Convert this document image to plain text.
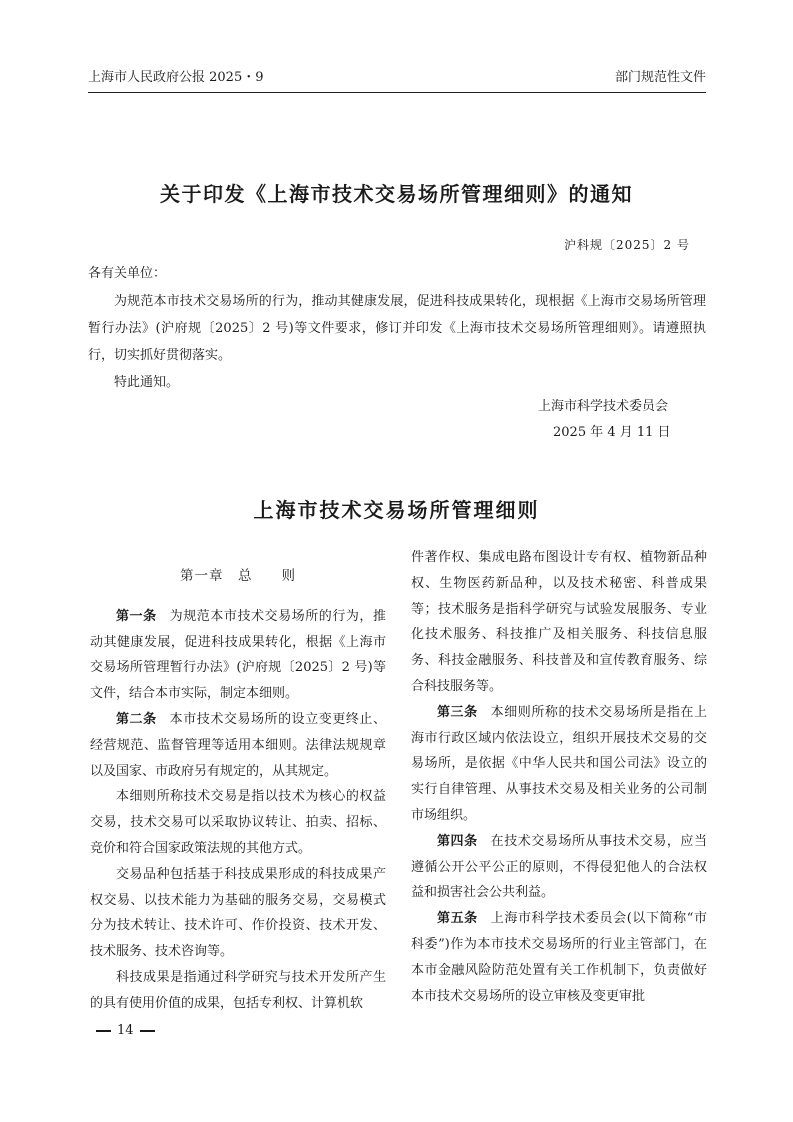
上海市人民政府公报 2025・9	部门规范性文件
关于印发《上海市技术交易场所管理细则》的通知
沪科规〔2025〕2 号
各有关单位：

为规范本市技术交易场所的行为，推动其健康发展，促进科技成果转化，现根据《上海市交易场所管理暂行办法》(沪府规〔2025〕2 号)等文件要求，修订并印发《上海市技术交易场所管理细则》。请遵照执行，切实抓好贯彻落实。

特此通知。

上海市科学技术委员会
2025 年 4 月 11 日
上海市技术交易场所管理细则
第一章　总　　则

第一条 为规范本市技术交易场所的行为，推动其健康发展，促进科技成果转化，根据《上海市交易场所管理暂行办法》(沪府规〔2025〕2 号)等文件，结合本市实际，制定本细则。

第二条 本市技术交易场所的设立变更终止、经营规范、监督管理等适用本细则。法律法规规章以及国家、市政府另有规定的，从其规定。

本细则所称技术交易是指以技术为核心的权益交易，技术交易可以采取协议转让、拍卖、招标、竞价和符合国家政策法规的其他方式。

交易品种包括基于科技成果形成的科技成果产权交易、以技术能力为基础的服务交易，交易模式分为技术转让、技术许可、作价投资、技术开发、技术服务、技术咨询等。

科技成果是指通过科学研究与技术开发所产生的具有使用价值的成果，包括专利权、计算机软

件著作权、集成电路布图设计专有权、植物新品种权、生物医药新品种，以及技术秘密、科普成果等；技术服务是指科学研究与试验发展服务、专业化技术服务、科技推广及相关服务、科技信息服务、科技金融服务、科技普及和宣传教育服务、综合科技服务等。

第三条 本细则所称的技术交易场所是指在上海市行政区域内依法设立，组织开展技术交易的交易场所，是依据《中华人民共和国公司法》设立的实行自律管理、从事技术交易及相关业务的公司制市场组织。

第四条 在技术交易场所从事技术交易，应当遵循公开公平公正的原则，不得侵犯他人的合法权益和损害社会公共利益。

第五条 上海市科学技术委员会(以下简称“市科委”)作为本市技术交易场所的行业主管部门，在本市金融风险防范处置有关工作机制下，负责做好本市技术交易场所的设立审核及变更审批

14
